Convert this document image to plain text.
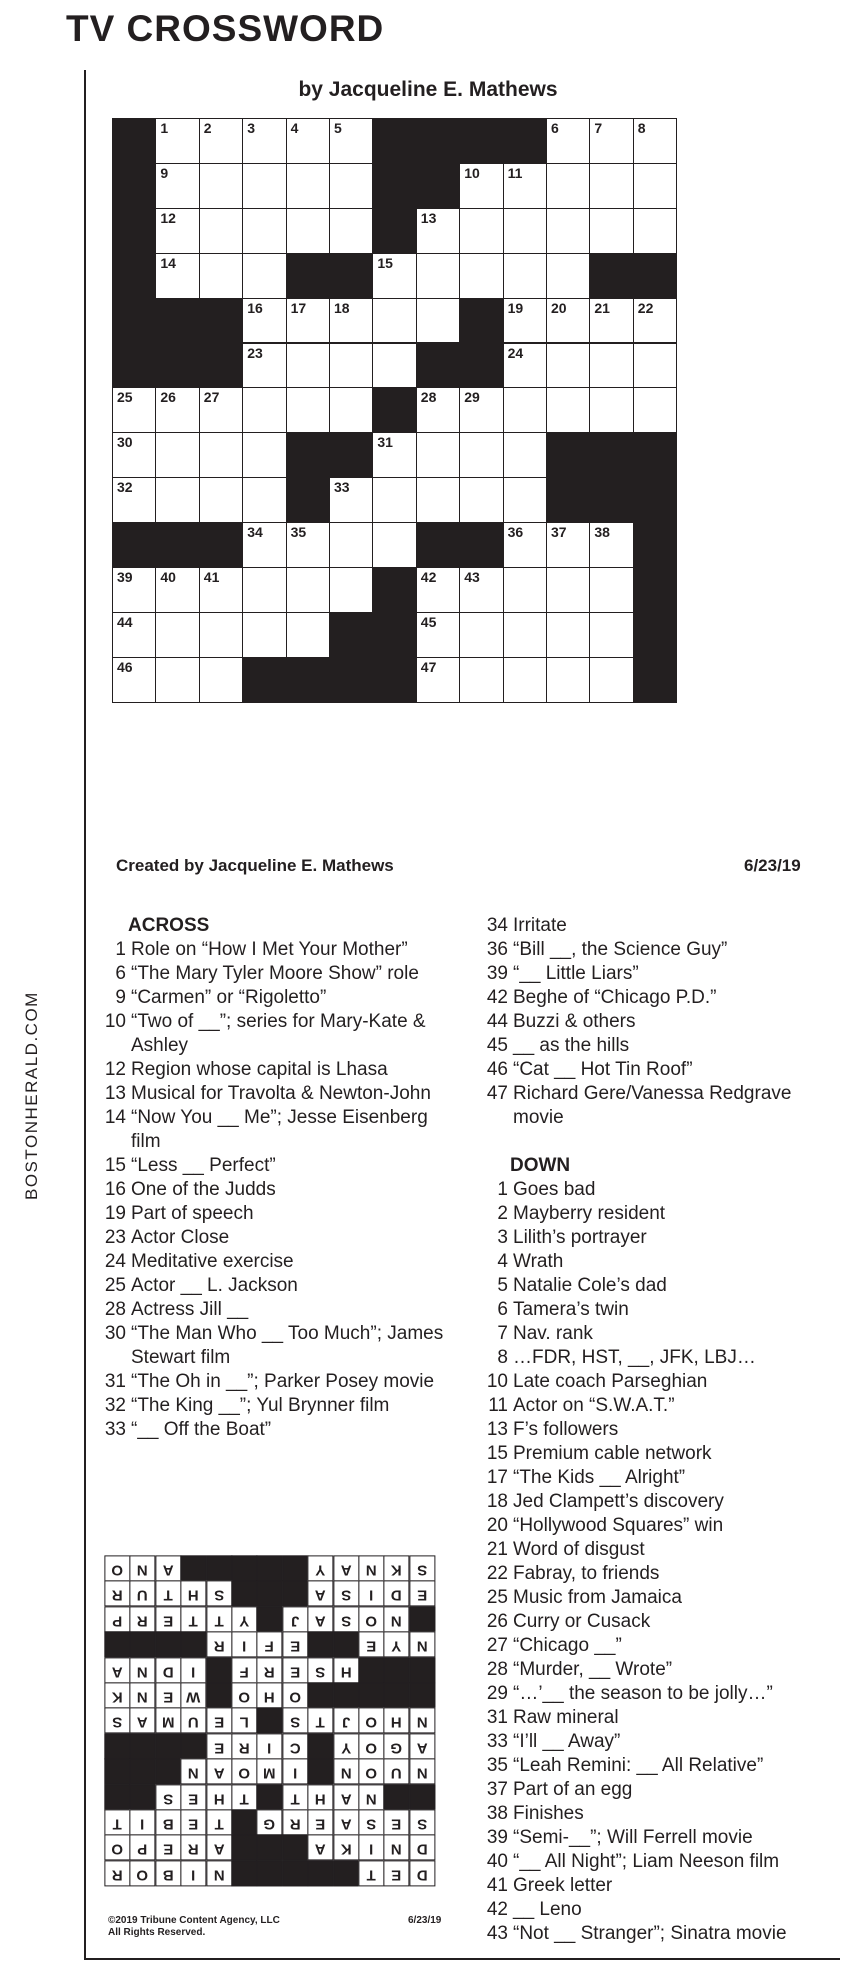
TV CROSSWORD
by Jacqueline E. Mathews
BOSTONHERALD.COM
1	2	3	4	5	6	7	8
9	10 11
12	13
14	15
16 17 18	19 20 21 22
23	24
25 26 27	28 29
30	31
32	33
34 35	36 37 38
39 40 41	42 43
44	45
46	47
Created by Jacqueline E. Mathews	6/23/19
ACROSS
1 Role on “How I Met Your Mother”
6 “The Mary Tyler Moore Show” role
9 “Carmen” or “Rigoletto”
10 “Two of __”; series for Mary-Kate & Ashley
12 Region whose capital is Lhasa
13 Musical for Travolta & Newton-John
14 “Now You __ Me”; Jesse Eisenberg film
15 “Less __ Perfect”
16 One of the Judds
19 Part of speech
23 Actor Close
24 Meditative exercise
25 Actor __ L. Jackson
28 Actress Jill __
30 “The Man Who __ Too Much”; James Stewart film
31 “The Oh in __”; Parker Posey movie
32 “The King __”; Yul Brynner film
33 “__ Off the Boat”
34 Irritate
36 “Bill __, the Science Guy”
39 “__ Little Liars”
42 Beghe of “Chicago P.D.”
44 Buzzi & others
45 __ as the hills
46 “Cat __ Hot Tin Roof”
47 Richard Gere/Vanessa Redgrave movie
DOWN
1 Goes bad
2 Mayberry resident
3 Lilith’s portrayer
4 Wrath
5 Natalie Cole’s dad
6 Tamera’s twin
7 Nav. rank
8 …FDR, HST, __, JFK, LBJ…
10 Late coach Parseghian
11 Actor on “S.W.A.T.”
13 F’s followers
15 Premium cable network
17 “The Kids __ Alright”
18 Jed Clampett’s discovery
20 “Hollywood Squares” win
21 Word of disgust
22 Fabray, to friends
25 Music from Jamaica
26 Curry or Cusack
27 “Chicago __”
28 “Murder, __ Wrote”
29 “…’__ the season to be jolly…”
31 Raw mineral
33 “I’ll __ Away”
35 “Leah Remini: __ All Relative”
37 Part of an egg
38 Finishes
39 “Semi-__”; Will Ferrell movie
40 “__ All Night”; Liam Neeson film
41 Greek letter
42 __ Leno
43 “Not __ Stranger”; Sinatra movie
O N A	Y A N K S
R U	T	H S	A S	I	D E
P R E	T	T	Y	J	A S O N
R	I	F	E	E	Y N
A N D	I	F	R E	S H
K N E W	O H O
S A M U E	L	S	T	J	O H N
E R	I	C	Y O G A
N A O M	I	N O U N
S	E H	T	T	H A N
T	I	B E	T	G R E A S	E	S
O P	E R A	A K	I	N D
R O B	I	N	T	E D
©2019 Tribune Content Agency, LLC
All Rights Reserved.
6/23/19
